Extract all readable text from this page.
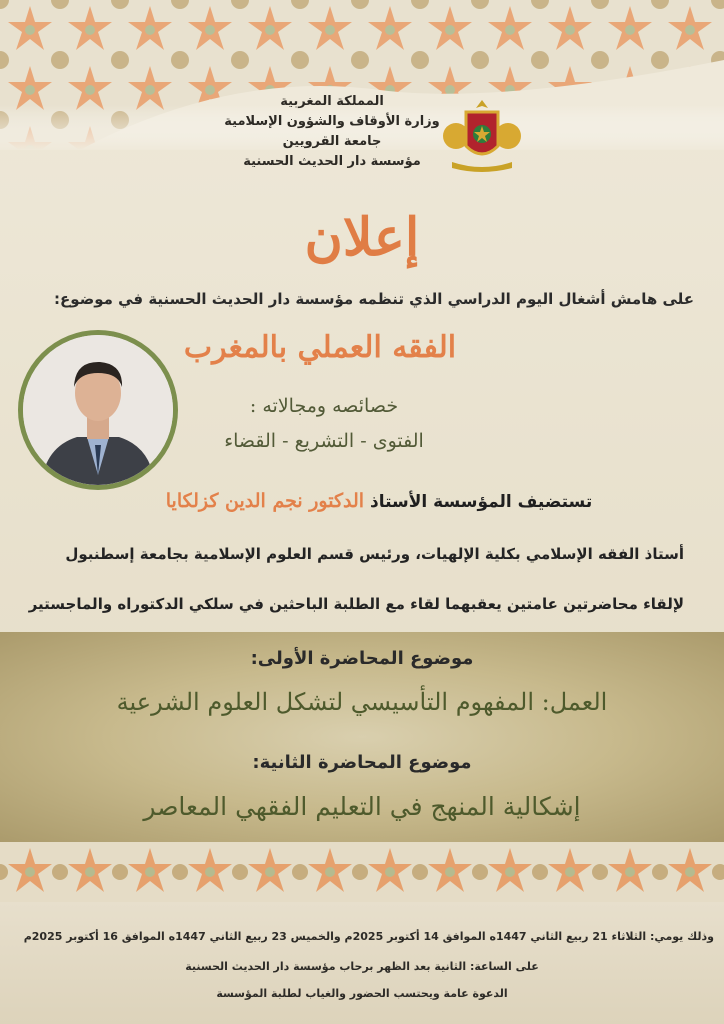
المملكة المغربية
وزارة الأوقاف والشؤون الإسلامية
جامعة القرويين
مؤسسة دار الحديث الحسنية
إعلان
على هامش أشغال اليوم الدراسي الذي تنظمه مؤسسة دار الحديث الحسنية في موضوع:
الفقه العملي بالمغرب
خصائصه ومجالاته :
الفتوى - التشريع - القضاء
تستضيف المؤسسة الأستاذ الدكتور نجم الدين كزلكايا
أستاذ الفقه الإسلامي بكلية الإلهيات، ورئيس قسم العلوم الإسلامية بجامعة إسطنبول
لإلقاء محاضرتين عامتين يعقبهما لقاء مع الطلبة الباحثين في سلكي الدكتوراه والماجستير
موضوع المحاضرة الأولى:
العمل: المفهوم التأسيسي لتشكل العلوم الشرعية
موضوع المحاضرة الثانية:
إشكالية المنهج في التعليم الفقهي المعاصر
وذلك يومي: الثلاثاء 21 ربيع الثاني 1447ه الموافق 14 أكتوبر 2025م والخميس 23 ربيع الثاني 1447ه الموافق 16 أكتوبر 2025م
على الساعة: الثانية بعد الظهر برحاب مؤسسة دار الحديث الحسنية
الدعوة عامة ويحتسب الحضور والغياب لطلبة المؤسسة
